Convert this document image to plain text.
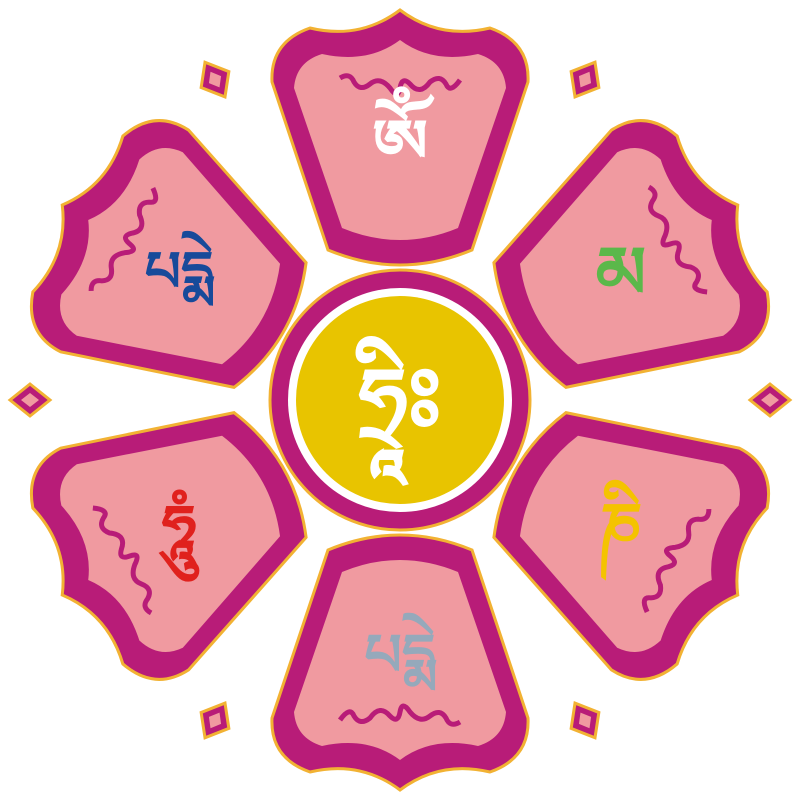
ཨོཾ
མ
ཎི
པདྨེ
ཧཱུཾ
པདྨེ
ཧྲཱིཿ
